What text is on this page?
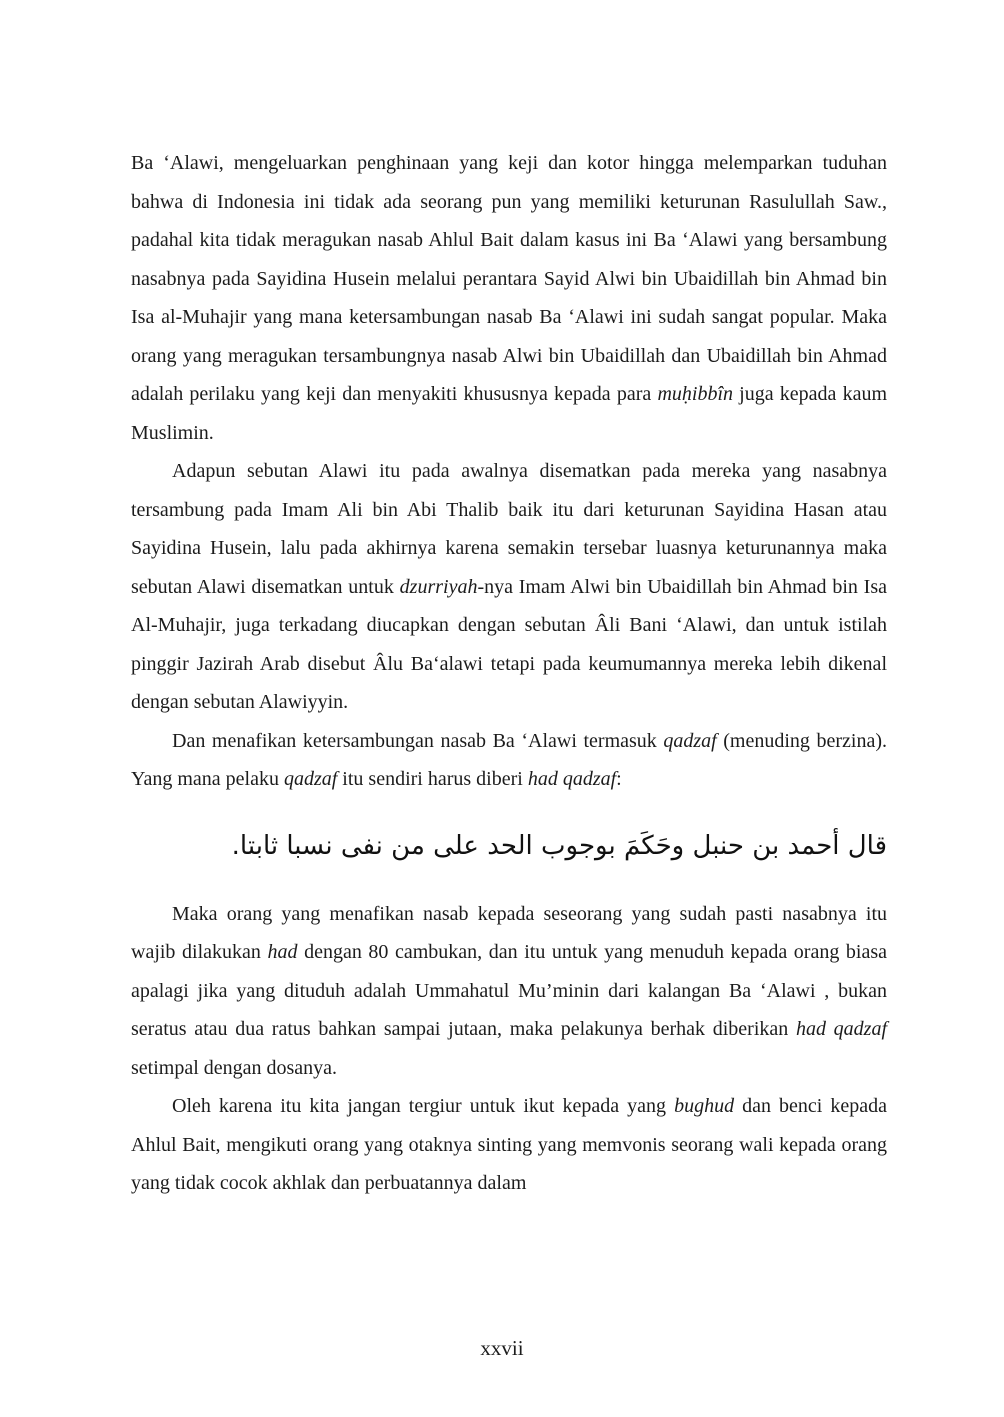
Ba ‘Alawi, mengeluarkan penghinaan yang keji dan kotor hingga melemparkan tuduhan bahwa di Indonesia ini tidak ada seorang pun yang memiliki keturunan Rasulullah Saw., padahal kita tidak meragukan nasab Ahlul Bait dalam kasus ini Ba ‘Alawi yang bersambung nasabnya pada Sayidina Husein melalui perantara Sayid Alwi bin Ubaidillah bin Ahmad bin Isa al-Muhajir yang mana ketersambungan nasab Ba ‘Alawi ini sudah sangat popular. Maka orang yang meragukan tersambungnya nasab Alwi bin Ubaidillah dan Ubaidillah bin Ahmad adalah perilaku yang keji dan menyakiti khususnya kepada para muḥibbîn juga kepada kaum Muslimin.

Adapun sebutan Alawi itu pada awalnya disematkan pada mereka yang nasabnya tersambung pada Imam Ali bin Abi Thalib baik itu dari keturunan Sayidina Hasan atau Sayidina Husein, lalu pada akhirnya karena semakin tersebar luasnya keturunannya maka sebutan Alawi disematkan untuk dzurriyah-nya Imam Alwi bin Ubaidillah bin Ahmad bin Isa Al-Muhajir, juga terkadang diucapkan dengan sebutan Âli Bani ‘Alawi, dan untuk istilah pinggir Jazirah Arab disebut Âlu Ba‘alawi tetapi pada keumumannya mereka lebih dikenal dengan sebutan Alawiyyin.

Dan menafikan ketersambungan nasab Ba ‘Alawi termasuk qadzaf (menuding berzina). Yang mana pelaku qadzaf itu sendiri harus diberi had qadzaf:

قال أحمد بن حنبل وحَكَمَ بوجوب الحد على من نفى نسبا ثابتا.

Maka orang yang menafikan nasab kepada seseorang yang sudah pasti nasabnya itu wajib dilakukan had dengan 80 cambukan, dan itu untuk yang menuduh kepada orang biasa apalagi jika yang dituduh adalah Ummahatul Mu’minin dari kalangan Ba ‘Alawi , bukan seratus atau dua ratus bahkan sampai jutaan, maka pelakunya berhak diberikan had qadzaf setimpal dengan dosanya.

Oleh karena itu kita jangan tergiur untuk ikut kepada yang bughud dan benci kepada Ahlul Bait, mengikuti orang yang otaknya sinting yang memvonis seorang wali kepada orang yang tidak cocok akhlak dan perbuatannya dalam

xxvii
